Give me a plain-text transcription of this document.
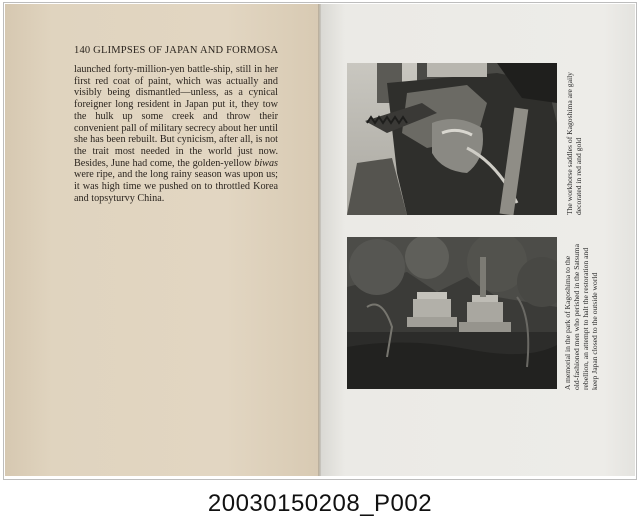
140 GLIMPSES OF JAPAN AND FORMOSA
launched forty-million-yen battle-ship, still in her first red coat of paint, which was actually and visibly being dismantled—unless, as a cynical foreigner long resident in Japan put it, they tow the hulk up some creek and throw their convenient pall of military secrecy about her until she has been rebuilt. But cynicism, after all, is not the trait most needed in the world just now. Besides, June had come, the golden-yellow biwas were ripe, and the long rainy season was upon us; it was high time we pushed on to throttled Korea and topsyturvy China.	The workhorse saddles of Kagoshima are gaily decorated in red and gold
A memorial in the park of Kagoshima to the old-fashioned men who perished in the Satsuma rebellion, an attempt to halt the restoration and keep Japan closed to the outside world
20030150208_P002
